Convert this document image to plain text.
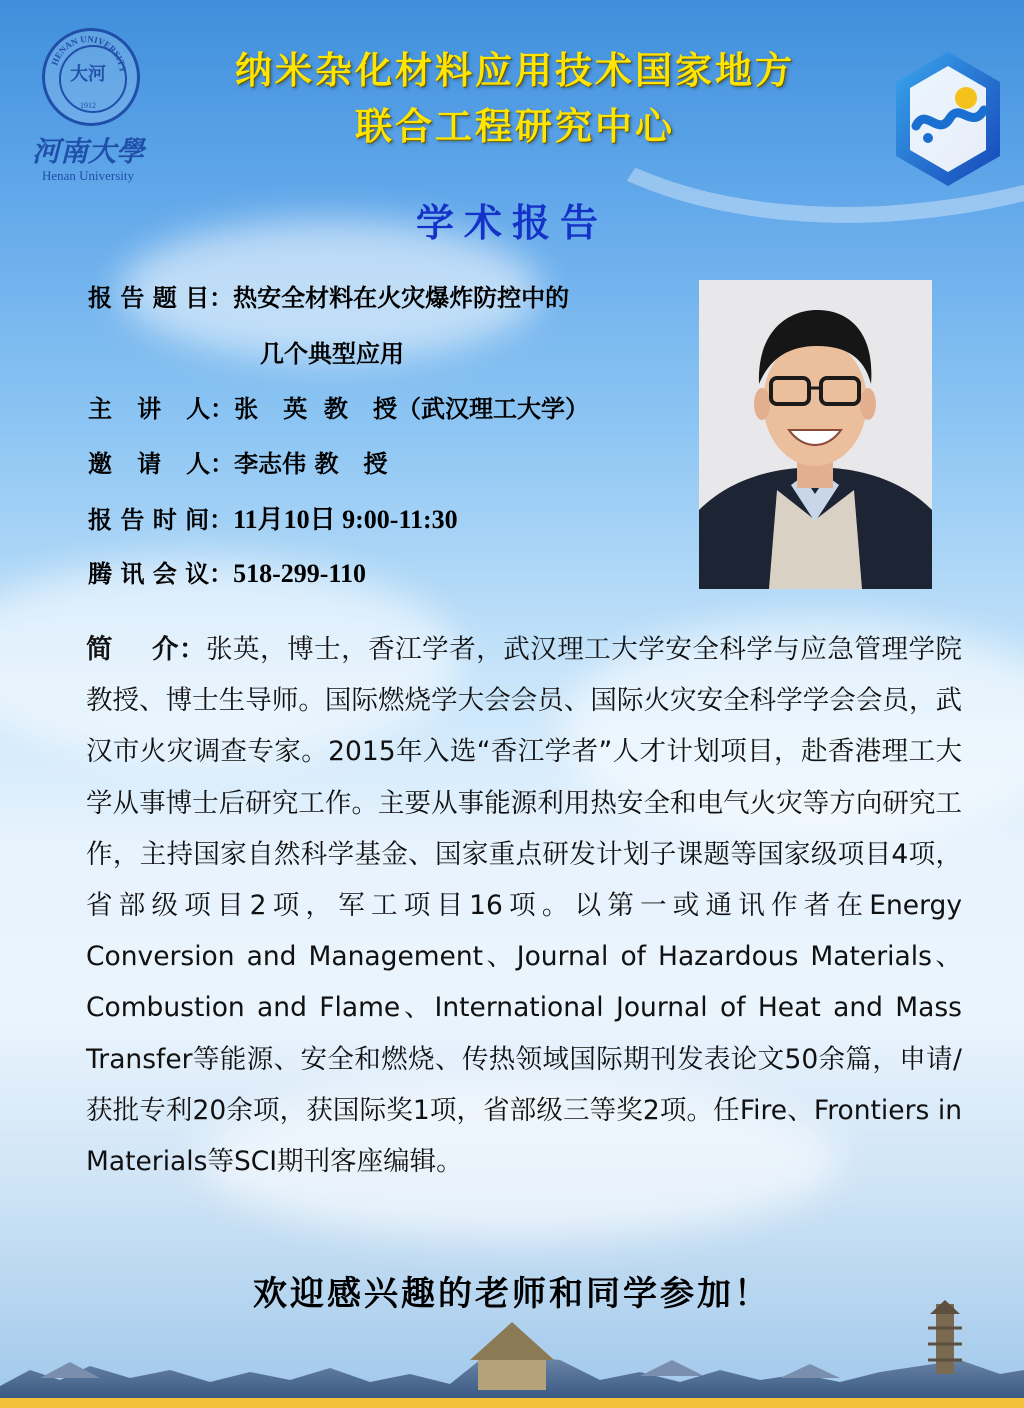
HENAN UNIVERSITY
大河
1912
河南大學
Henan University
纳米杂化材料应用技术国家地方
联合工程研究中心
学术报告
报 告 题 目：热安全材料在火灾爆炸防控中的
几个典型应用
主   讲   人：张   英  教   授（武汉理工大学）
邀   请   人：李志伟 教   授
报 告 时 间：11月10日 9:00-11:30
腾 讯 会 议：518-299-110
简    介：张英，博士，香江学者，武汉理工大学安全科学与应急管理学院教授、博士生导师。国际燃烧学大会会员、国际火灾安全科学学会会员，武汉市火灾调查专家。2015年入选“香江学者”人才计划项目，赴香港理工大学从事博士后研究工作。主要从事能源利用热安全和电气火灾等方向研究工作，主持国家自然科学基金、国家重点研发计划子课题等国家级项目4项，省部级项目2项，军工项目16项。以第一或通讯作者在Energy Conversion and Management、Journal of Hazardous Materials、Combustion and Flame、International Journal of Heat and Mass Transfer等能源、安全和燃烧、传热领域国际期刊发表论文50余篇，申请/获批专利20余项，获国际奖1项，省部级三等奖2项。任Fire、Frontiers in Materials等SCI期刊客座编辑。
欢迎感兴趣的老师和同学参加！
